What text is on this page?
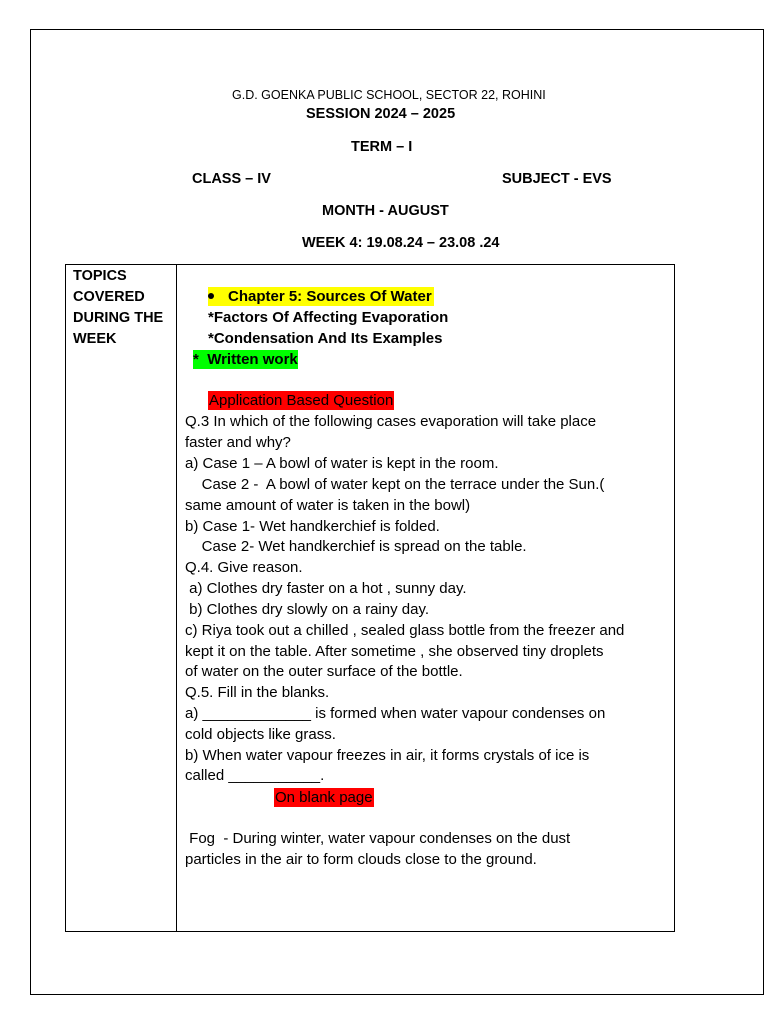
G.D. GOENKA PUBLIC SCHOOL, SECTOR 22, ROHINI
SESSION 2024 – 2025
TERM – I
CLASS – IV	SUBJECT - EVS
MONTH - AUGUST
WEEK 4: 19.08.24 – 23.08 .24
TOPICS
COVERED
DURING THE
WEEK
Chapter 5: Sources Of Water
*Factors Of Affecting Evaporation
*Condensation And Its Examples
* Written work
Application Based Question
Q.3 In which of the following cases evaporation will take place
faster and why?
a) Case 1 – A bowl of water is kept in the room.
Case 2 -  A bowl of water kept on the terrace under the Sun.(
same amount of water is taken in the bowl)
b) Case 1- Wet handkerchief is folded.
Case 2- Wet handkerchief is spread on the table.
Q.4. Give reason.
a) Clothes dry faster on a hot , sunny day.
b) Clothes dry slowly on a rainy day.
c) Riya took out a chilled , sealed glass bottle from the freezer and
kept it on the table. After sometime , she observed tiny droplets
of water on the outer surface of the bottle.
Q.5. Fill in the blanks.
a) _____________ is formed when water vapour condenses on
cold objects like grass.
b) When water vapour freezes in air, it forms crystals of ice is
called ___________.
On blank page
Fog  - During winter, water vapour condenses on the dust
particles in the air to form clouds close to the ground.
